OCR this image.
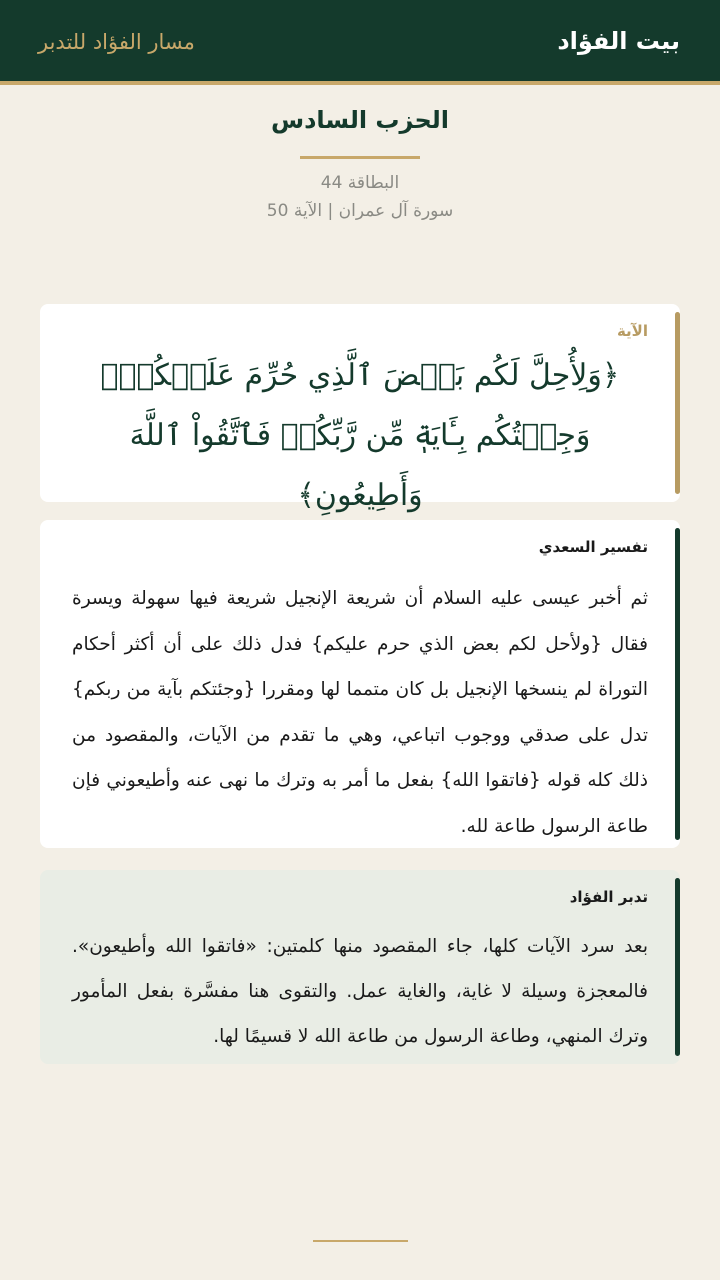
بيت الفؤاد
مسار الفؤاد للتدبر
الحزب السادس
البطاقة 44
سورة آل عمران | الآية 50
الآية
﴿وَلِأُحِلَّ لَكُم بَعۡضَ ٱلَّذِي حُرِّمَ عَلَيۡكُمۡۚ وَجِئۡتُكُم بِـَٔايَةٖ مِّن رَّبِّكُمۡ فَٱتَّقُواْ ٱللَّهَ وَأَطِيعُونِ﴾
تفسير السعدي
ثم أخبر عيسى عليه السلام أن شريعة الإنجيل شريعة فيها سهولة ويسرة فقال {ولأحل لكم بعض الذي حرم عليكم} فدل ذلك على أن أكثر أحكام التوراة لم ينسخها الإنجيل بل كان متمما لها ومقررا {وجئتكم بآية من ربكم} تدل على صدقي ووجوب اتباعي، وهي ما تقدم من الآيات، والمقصود من ذلك كله قوله {فاتقوا الله} بفعل ما أمر به وترك ما نهى عنه وأطيعوني فإن طاعة الرسول طاعة لله.
تدبر الفؤاد
بعد سرد الآيات كلها، جاء المقصود منها كلمتين: «فاتقوا الله وأطيعون». فالمعجزة وسيلة لا غاية، والغاية عمل. والتقوى هنا مفسَّرة بفعل المأمور وترك المنهي، وطاعة الرسول من طاعة الله لا قسيمًا لها.
